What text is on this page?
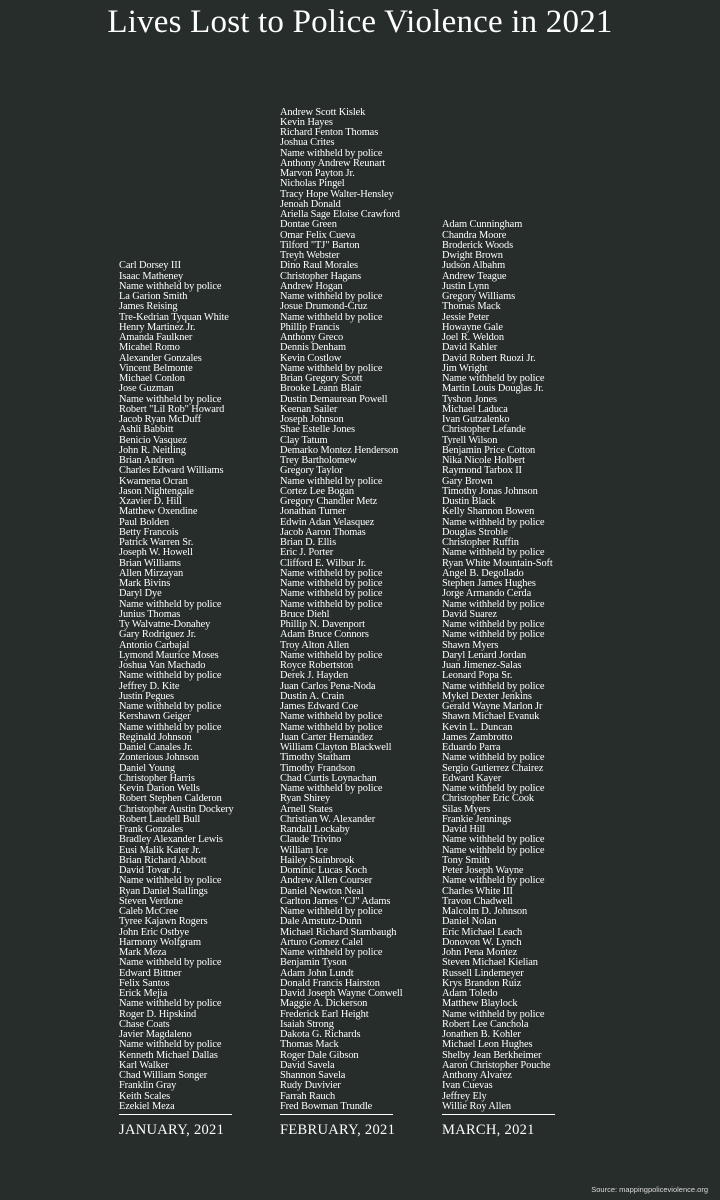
Lives Lost to Police Violence in 2021
Carl Dorsey III
Isaac Matheney
Name withheld by police
La Garion Smith
James Reising
Tre-Kedrian Tyquan White
Henry Martinez Jr.
Amanda Faulkner
Micahel Romo
Alexander Gonzales
Vincent Belmonte
Michael Conlon
Jose Guzman
Name withheld by police
Robert "Lil Rob" Howard
Jacob Ryan McDuff
Ashli Babbitt
Benicio Vasquez
John R. Neitling
Brian Andren
Charles Edward Williams
Kwamena Ocran
Jason Nightengale
Xzavier D. Hill
Matthew Oxendine
Paul Bolden
Betty Francois
Patrick Warren Sr.
Joseph W. Howell
Brian Williams
Allen Mirzayan
Mark Bivins
Daryl Dye
Name withheld by police
Junius Thomas
Ty Walvatne-Donahey
Gary Rodriguez Jr.
Antonio Carbajal
Lymond Maurice Moses
Joshua Van Machado
Name withheld by police
Jeffrey D. Kite
Justin Pegues
Name withheld by police
Kershawn Geiger
Name withheld by police
Reginald Johnson
Daniel Canales Jr.
Zonterious Johnson
Daniel Young
Christopher Harris
Kevin Darion Wells
Robert Stephen Calderon
Christopher Austin Dockery
Robert Laudell Bull
Frank Gonzales
Bradley Alexander Lewis
Eusi Malik Kater Jr.
Brian Richard Abbott
David Tovar Jr.
Name withheld by police
Ryan Daniel Stallings
Steven Verdone
Caleb McCree
Tyree Kajawn Rogers
John Eric Ostbye
Harmony Wolfgram
Mark Meza
Name withheld by police
Edward Bittner
Felix Santos
Erick Mejia
Name withheld by police
Roger D. Hipskind
Chase Coats
Javier Magdaleno
Name withheld by police
Kenneth Michael Dallas
Karl Walker
Chad William Songer
Franklin Gray
Keith Scales
Ezekiel Meza
Andrew Scott Kislek
Kevin Hayes
Richard Fenton Thomas
Joshua Crites
Name withheld by police
Anthony Andrew Reunart
Marvon Payton Jr.
Nicholas Pingel
Tracy Hope Walter-Hensley
Jenoah Donald
Ariella Sage Eloise Crawford
Dontae Green
Omar Felix Cueva
Tilford "TJ" Barton
Treyh Webster
Dino Raul Morales
Christopher Hagans
Andrew Hogan
Name withheld by police
Josue Drumond-Cruz
Name withheld by police
Phillip Francis
Anthony Greco
Dennis Denham
Kevin Costlow
Name withheld by police
Brian Gregory Scott
Brooke Leann Blair
Dustin Demaurean Powell
Keenan Sailer
Joseph Johnson
Shae Estelle Jones
Clay Tatum
Demarko Montez Henderson
Trey Bartholomew
Gregory Taylor
Name withheld by police
Cortez Lee Bogan
Gregory Chandler Metz
Jonathan Turner
Edwin Adan Velasquez
Jacob Aaron Thomas
Brian D. Ellis
Eric J. Porter
Clifford E. Wilbur Jr.
Name withheld by police
Name withheld by police
Name withheld by police
Name withheld by police
Bruce Diehl
Phillip N. Davenport
Adam Bruce Connors
Troy Alton Allen
Name withheld by police
Royce Robertston
Derek J. Hayden
Juan Carlos Pena-Noda
Dustin A. Crain
James Edward Coe
Name withheld by police
Name withheld by police
Juan Carter Hernandez
William Clayton Blackwell
Timothy Statham
Timothy Frandson
Chad Curtis Loynachan
Name withheld by police
Ryan Shirey
Arnell States
Christian W. Alexander
Randall Lockaby
Claude Trivino
William Ice
Hailey Stainbrook
Dominic Lucas Koch
Andrew Allen Courser
Daniel Newton Neal
Carlton James "CJ" Adams
Name withheld by police
Dale Amstutz-Dunn
Michael Richard Stambaugh
Arturo Gomez Calel
Name withheld by police
Benjamin Tyson
Adam John Lundt
Donald Francis Hairston
David Joseph Wayne Conwell
Maggie A. Dickerson
Frederick Earl Height
Isaiah Strong
Dakota G. Richards
Thomas Mack
Roger Dale Gibson
David Savela
Shannon Savela
Rudy Duvivier
Farrah Rauch
Fred Bowman Trundle
Adam Cunningham
Chandra Moore
Broderick Woods
Dwight Brown
Judson Albahm
Andrew Teague
Justin Lynn
Gregory Williams
Thomas Mack
Jessie Peter
Howayne Gale
Joel R. Weldon
David Kahler
David Robert Ruozi Jr.
Jim Wright
Name withheld by police
Martin Louis Douglas Jr.
Tyshon Jones
Michael Laduca
Ivan Gutzalenko
Christopher Lefande
Tyrell Wilson
Benjamin Price Cotton
Nika Nicole Holbert
Raymond Tarbox II
Gary Brown
Timothy Jonas Johnson
Dustin Black
Kelly Shannon Bowen
Name withheld by police
Douglas Stroble
Christopher Ruffin
Name withheld by police
Ryan White Mountain-Soft
Angel B. Degollado
Stephen James Hughes
Jorge Armando Cerda
Name withheld by police
David Suarez
Name withheld by police
Name withheld by police
Shawn Myers
Daryl Lenard Jordan
Juan Jimenez-Salas
Leonard Popa Sr.
Name withheld by police
Mykel Dexter Jenkins
Gerald Wayne Marlon Jr
Shawn Michael Evanuk
Kevin L. Duncan
James Zambrotto
Eduardo Parra
Name withheld by police
Sergio Gutierrez Chairez
Edward Kayer
Name withheld by police
Christopher Eric Cook
Silas Myers
Frankie Jennings
David Hill
Name withheld by police
Name withheld by police
Tony Smith
Peter Joseph Wayne
Name withheld by police
Charles White III
Travon Chadwell
Malcolm D. Johnson
Daniel Nolan
Eric Michael Leach
Donovon W. Lynch
John Pena Montez
Steven Michael Kielian
Russell Lindemeyer
Krys Brandon Ruiz
Adam Toledo
Matthew Blaylock
Name withheld by police
Robert Lee Canchola
Jonathen B. Kohler
Michael Leon Hughes
Shelby Jean Berkheimer
Aaron Christopher Pouche
Anthony Alvarez
Ivan Cuevas
Jeffrey Ely
Willie Roy Allen
JANUARY, 2021	FEBRUARY, 2021	MARCH, 2021
Source: mappingpoliceviolence.org
